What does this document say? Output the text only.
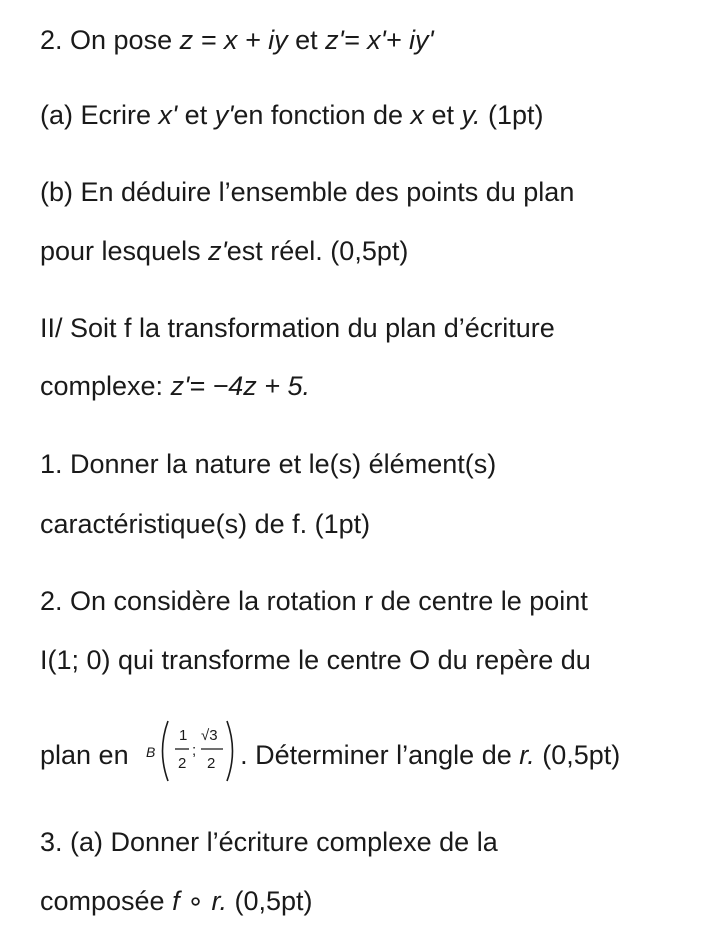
2. On pose z = x + iy et z'= x'+ iy'
(a) Ecrire x' et y'en fonction de x et y. (1pt)
(b) En déduire l’ensemble des points du plan
pour lesquels z'est réel. (0,5pt)
II/ Soit f la transformation du plan d’écriture
complexe: z'= −4z + 5.
1. Donner la nature et le(s) élément(s)
caractéristique(s) de f. (1pt)
2. On considère la rotation r de centre le point
I(1; 0) qui transforme le centre O du repère du
plan en B
1
2
;
√3
2 . Déterminer l’angle de r. (0,5pt)
3. (a) Donner l’écriture complexe de la
composée f ∘ r. (0,5pt)
